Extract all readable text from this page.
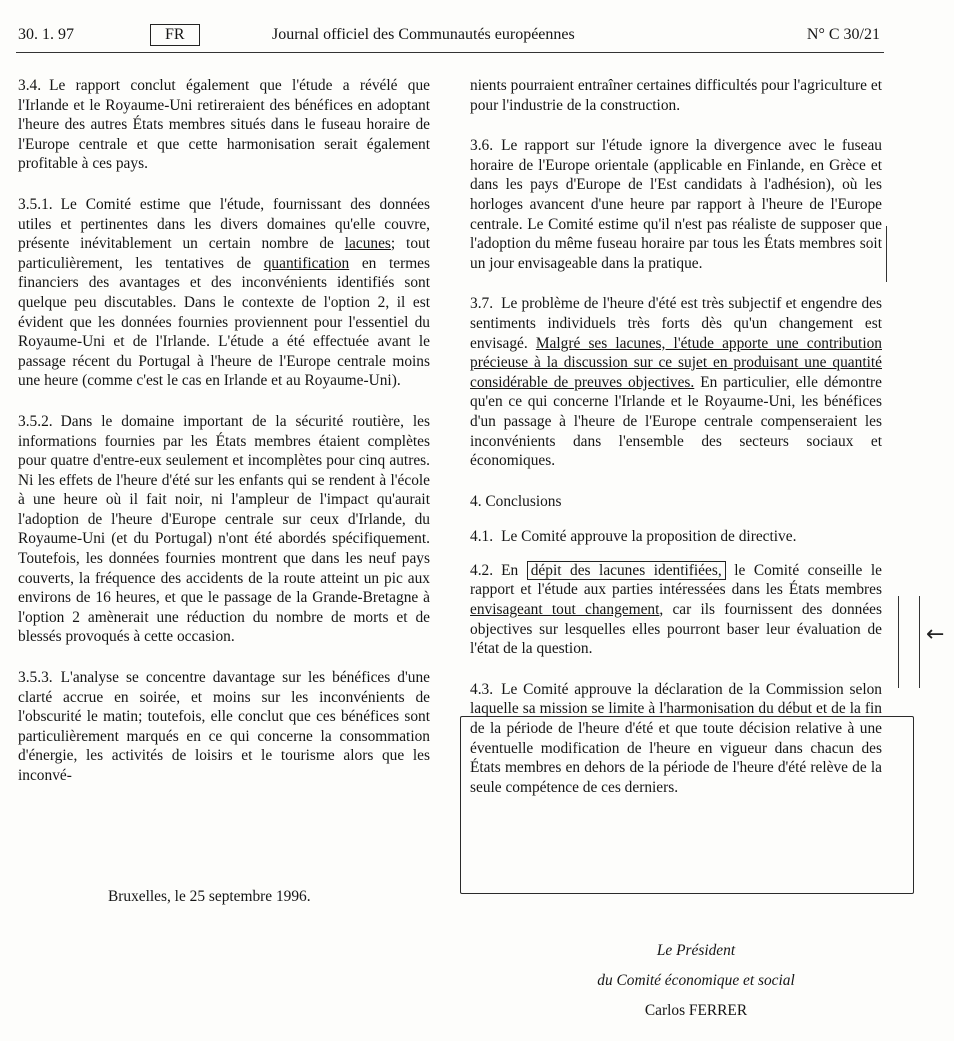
30. 1. 97	FR	Journal officiel des Communautés européennes	N° C 30/21

3.4. Le rapport conclut également que l'étude a révélé que l'Irlande et le Royaume-Uni retireraient des bénéfices en adoptant l'heure des autres États membres situés dans le fuseau horaire de l'Europe centrale et que cette harmonisation serait également profitable à ces pays.

3.5.1. Le Comité estime que l'étude, fournissant des données utiles et pertinentes dans les divers domaines qu'elle couvre, présente inévitablement un certain nombre de lacunes; tout particulièrement, les tentatives de quantification en termes financiers des avantages et des inconvénients identifiés sont quelque peu discutables. Dans le contexte de l'option 2, il est évident que les données fournies proviennent pour l'essentiel du Royaume-Uni et de l'Irlande. L'étude a été effectuée avant le passage récent du Portugal à l'heure de l'Europe centrale moins une heure (comme c'est le cas en Irlande et au Royaume-Uni).

3.5.2. Dans le domaine important de la sécurité routière, les informations fournies par les États membres étaient complètes pour quatre d'entre-eux seulement et incomplètes pour cinq autres. Ni les effets de l'heure d'été sur les enfants qui se rendent à l'école à une heure où il fait noir, ni l'ampleur de l'impact qu'aurait l'adoption de l'heure d'Europe centrale sur ceux d'Irlande, du Royaume-Uni (et du Portugal) n'ont été abordés spécifiquement. Toutefois, les données fournies montrent que dans les neuf pays couverts, la fréquence des accidents de la route atteint un pic aux environs de 16 heures, et que le passage de la Grande-Bretagne à l'option 2 amènerait une réduction du nombre de morts et de blessés provoqués à cette occasion.

3.5.3. L'analyse se concentre davantage sur les bénéfices d'une clarté accrue en soirée, et moins sur les inconvénients de l'obscurité le matin; toutefois, elle conclut que ces bénéfices sont particulièrement marqués en ce qui concerne la consommation d'énergie, les activités de loisirs et le tourisme alors que les inconvé-

Bruxelles, le 25 septembre 1996.

nients pourraient entraîner certaines difficultés pour l'agriculture et pour l'industrie de la construction.

3.6. Le rapport sur l'étude ignore la divergence avec le fuseau horaire de l'Europe orientale (applicable en Finlande, en Grèce et dans les pays d'Europe de l'Est candidats à l'adhésion), où les horloges avancent d'une heure par rapport à l'heure de l'Europe centrale. Le Comité estime qu'il n'est pas réaliste de supposer que l'adoption du même fuseau horaire par tous les États membres soit un jour envisageable dans la pratique.

3.7. Le problème de l'heure d'été est très subjectif et engendre des sentiments individuels très forts dès qu'un changement est envisagé. Malgré ses lacunes, l'étude apporte une contribution précieuse à la discussion sur ce sujet en produisant une quantité considérable de preuves objectives. En particulier, elle démontre qu'en ce qui concerne l'Irlande et le Royaume-Uni, les bénéfices d'un passage à l'heure de l'Europe centrale compenseraient les inconvénients dans l'ensemble des secteurs sociaux et économiques.

4. Conclusions

4.1. Le Comité approuve la proposition de directive.

4.2. En dépit des lacunes identifiées, le Comité conseille le rapport et l'étude aux parties intéressées dans les États membres envisageant tout changement, car ils fournissent des données objectives sur lesquelles elles pourront baser leur évaluation de l'état de la question.

4.3. Le Comité approuve la déclaration de la Commission selon laquelle sa mission se limite à l'harmonisation du début et de la fin de la période de l'heure d'été et que toute décision relative à une éventuelle modification de l'heure en vigueur dans chacun des États membres en dehors de la période de l'heure d'été relève de la seule compétence de ces derniers.

←
Le Président
du Comité économique et social
Carlos FERRER
